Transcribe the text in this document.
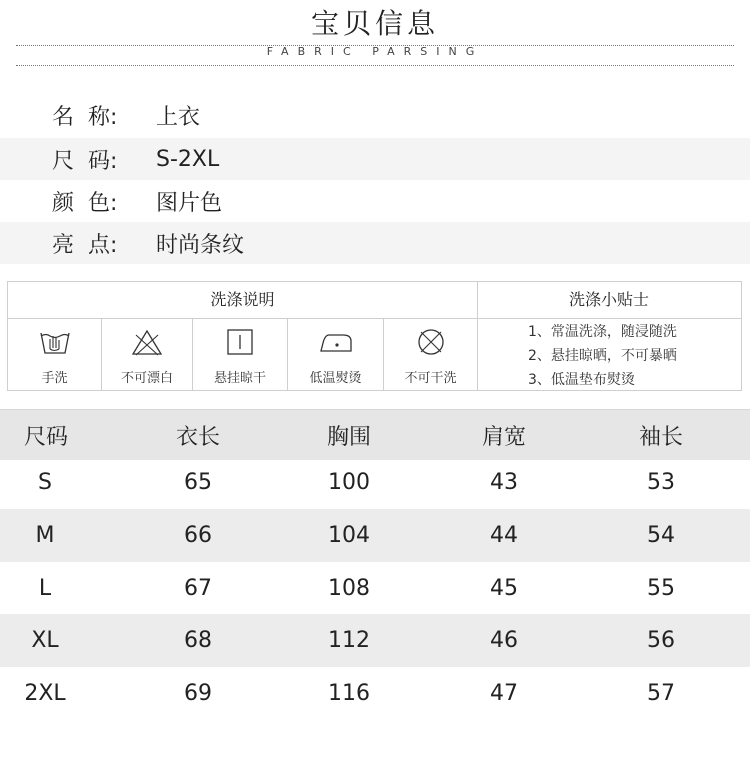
宝贝信息
FABRIC PARSING
名  称:	上衣
尺  码:	S-2XL
颜  色:	图片色
亮  点:	时尚条纹
洗涤说明	洗涤小贴士
手洗	不可漂白	悬挂晾干	低温熨烫	不可干洗
1、常温洗涤，随浸随洗
2、悬挂晾晒，不可暴晒
3、低温垫布熨烫
尺码	衣长	胸围	肩宽	袖长
S	65	100	43	53
M	66	104	44	54
L	67	108	45	55
XL	68	112	46	56
2XL	69	116	47	57
